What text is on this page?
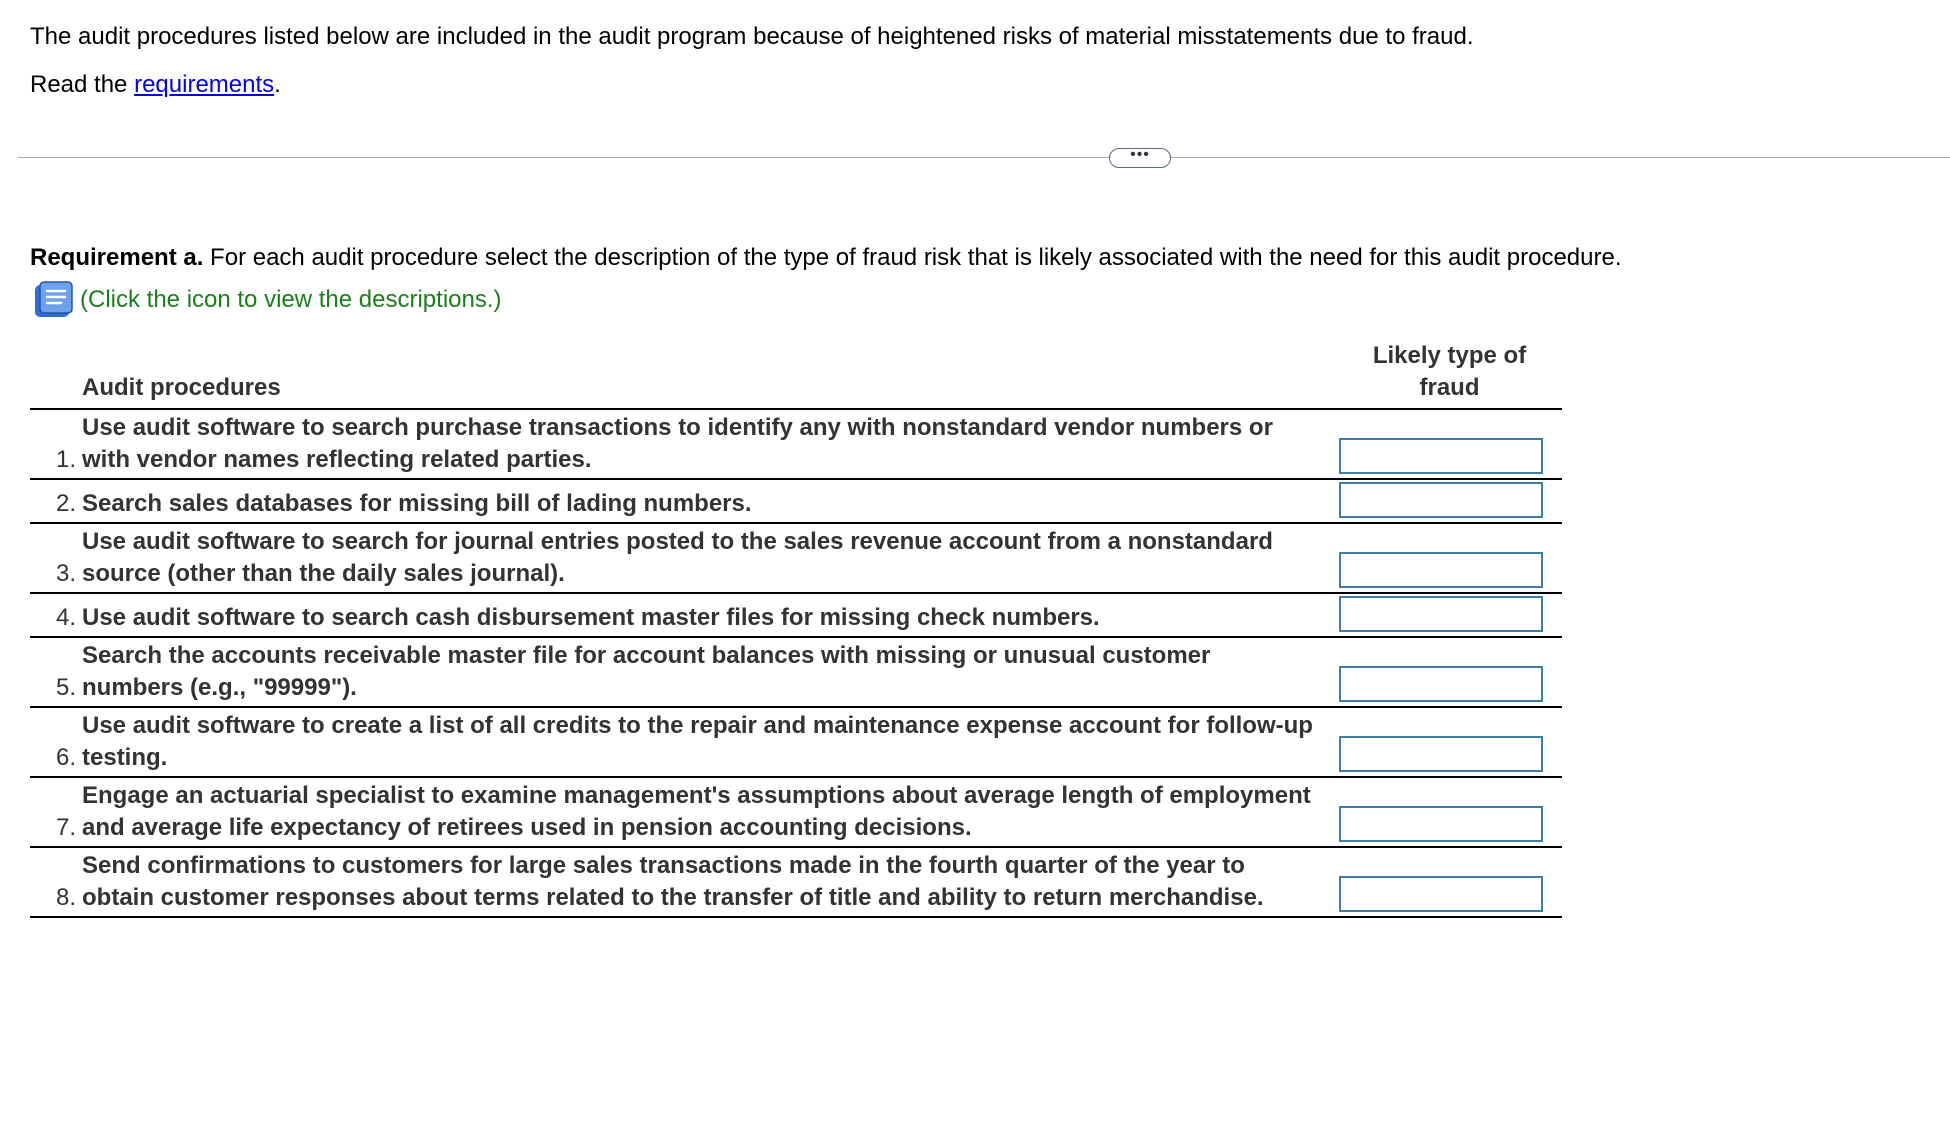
The audit procedures listed below are included in the audit program because of heightened risks of material misstatements due to fraud.
Read the requirements.
•••
Requirement a. For each audit procedure select the description of the type of fraud risk that is likely associated with the need for this audit procedure.
(Click the icon to view the descriptions.)
	Audit procedures	Likely type of
fraud

1.	Use audit software to search purchase transactions to identify any with nonstandard vendor numbers or with vendor names reflecting related parties.	

2.	Search sales databases for missing bill of lading numbers.	

3.	Use audit software to search for journal entries posted to the sales revenue account from a nonstandard source (other than the daily sales journal).	

4.	Use audit software to search cash disbursement master files for missing check numbers.	

5.	Search the accounts receivable master file for account balances with missing or unusual customer numbers (e.g., "99999").	

6.	Use audit software to create a list of all credits to the repair and maintenance expense account for follow-up testing.	

7.	Engage an actuarial specialist to examine management's assumptions about average length of employment and average life expectancy of retirees used in pension accounting decisions.	

8.	Send confirmations to customers for large sales transactions made in the fourth quarter of the year to obtain customer responses about terms related to the transfer of title and ability to return merchandise.	
